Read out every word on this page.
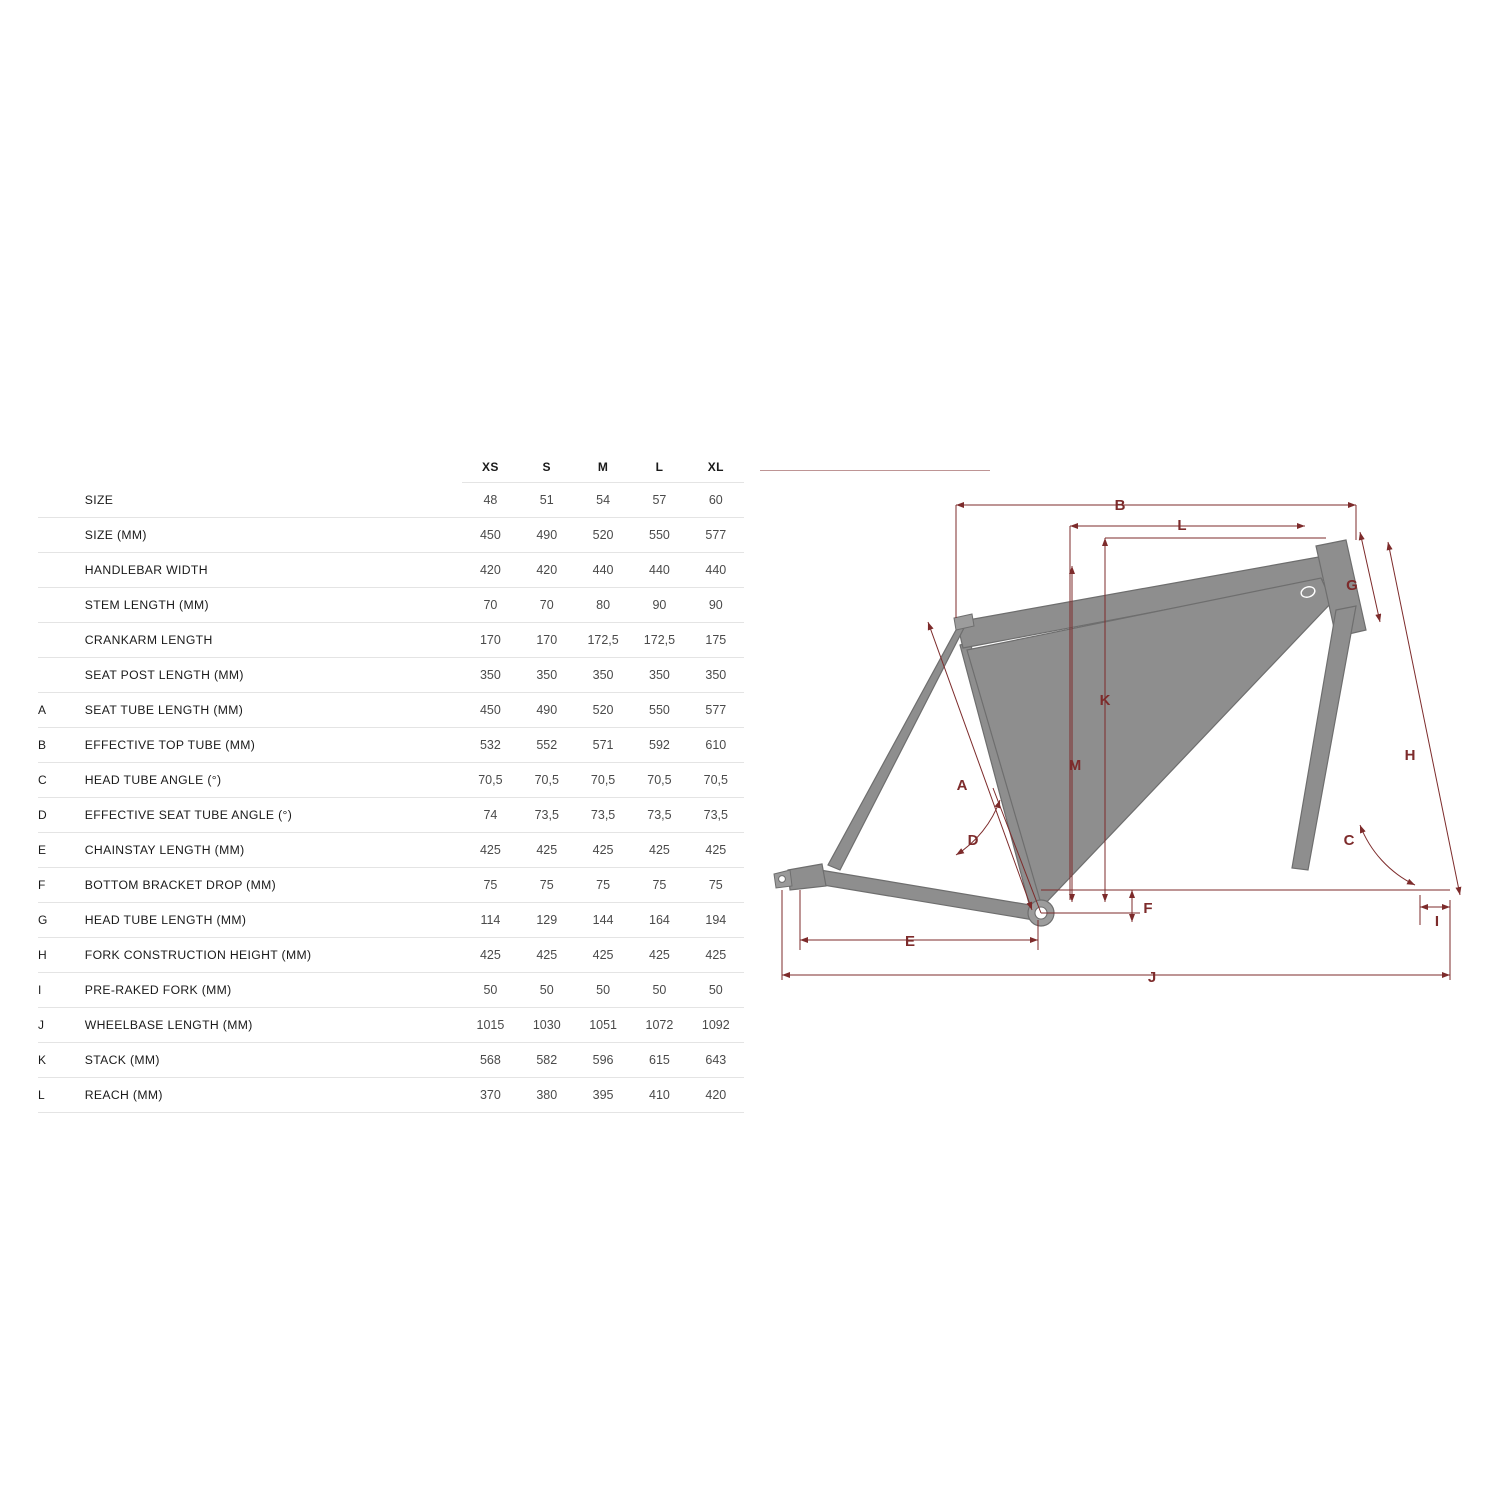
		XS	S	M	L	XL
	SIZE	48	51	54	57	60
	SIZE (MM)	450	490	520	550	577
	HANDLEBAR WIDTH	420	420	440	440	440
	STEM LENGTH (MM)	70	70	80	90	90
	CRANKARM LENGTH	170	170	172,5	172,5	175
	SEAT POST LENGTH (MM)	350	350	350	350	350
A	SEAT TUBE LENGTH (MM)	450	490	520	550	577
B	EFFECTIVE TOP TUBE (MM)	532	552	571	592	610
C	HEAD TUBE ANGLE (°)	70,5	70,5	70,5	70,5	70,5
D	EFFECTIVE SEAT TUBE ANGLE (°)	74	73,5	73,5	73,5	73,5
E	CHAINSTAY LENGTH (MM)	425	425	425	425	425
F	BOTTOM BRACKET DROP (MM)	75	75	75	75	75
G	HEAD TUBE LENGTH (MM)	114	129	144	164	194
H	FORK CONSTRUCTION HEIGHT (MM)	425	425	425	425	425
I	PRE-RAKED FORK (MM)	50	50	50	50	50
J	WHEELBASE LENGTH (MM)	1015	1030	1051	1072	1092
K	STACK (MM)	568	582	596	615	643
L	REACH (MM)	370	380	395	410	420
B
L
K
M
A
D
G
H
C
E
F
I
J
